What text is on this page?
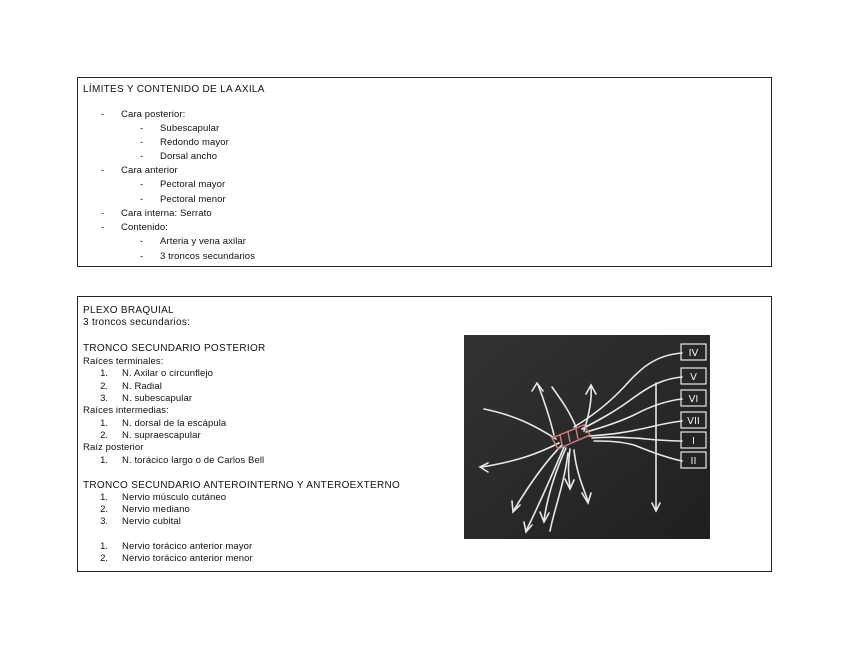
LÍMITES Y CONTENIDO DE LA AXILA
- Cara posterior:
- Subescapular
- Redondo mayor
- Dorsal ancho
- Cara anterior
- Pectoral mayor
- Pectoral menor
- Cara interna: Serrato
- Contenido:
- Arteria y vena axilar
- 3 troncos secundarios
PLEXO BRAQUIAL
3 troncos secundarios:
TRONCO SECUNDARIO POSTERIOR
Raíces terminales:
1. N. Axilar o circunflejo
2. N. Radial
3. N. subescapular
Raíces intermedias:
1. N. dorsal de la escápula
2. N. supraescapular
Raíz posterior
1. N. torácico largo o de Carlos Bell
TRONCO SECUNDARIO ANTEROINTERNO Y ANTEROEXTERNO
1. Nervio músculo cutáneo
2. Nervio mediano
3. Nervio cubital
1. Nervio torácico anterior mayor
2. Nervio torácico anterior menor
IV
V
VI
VII
I
II
